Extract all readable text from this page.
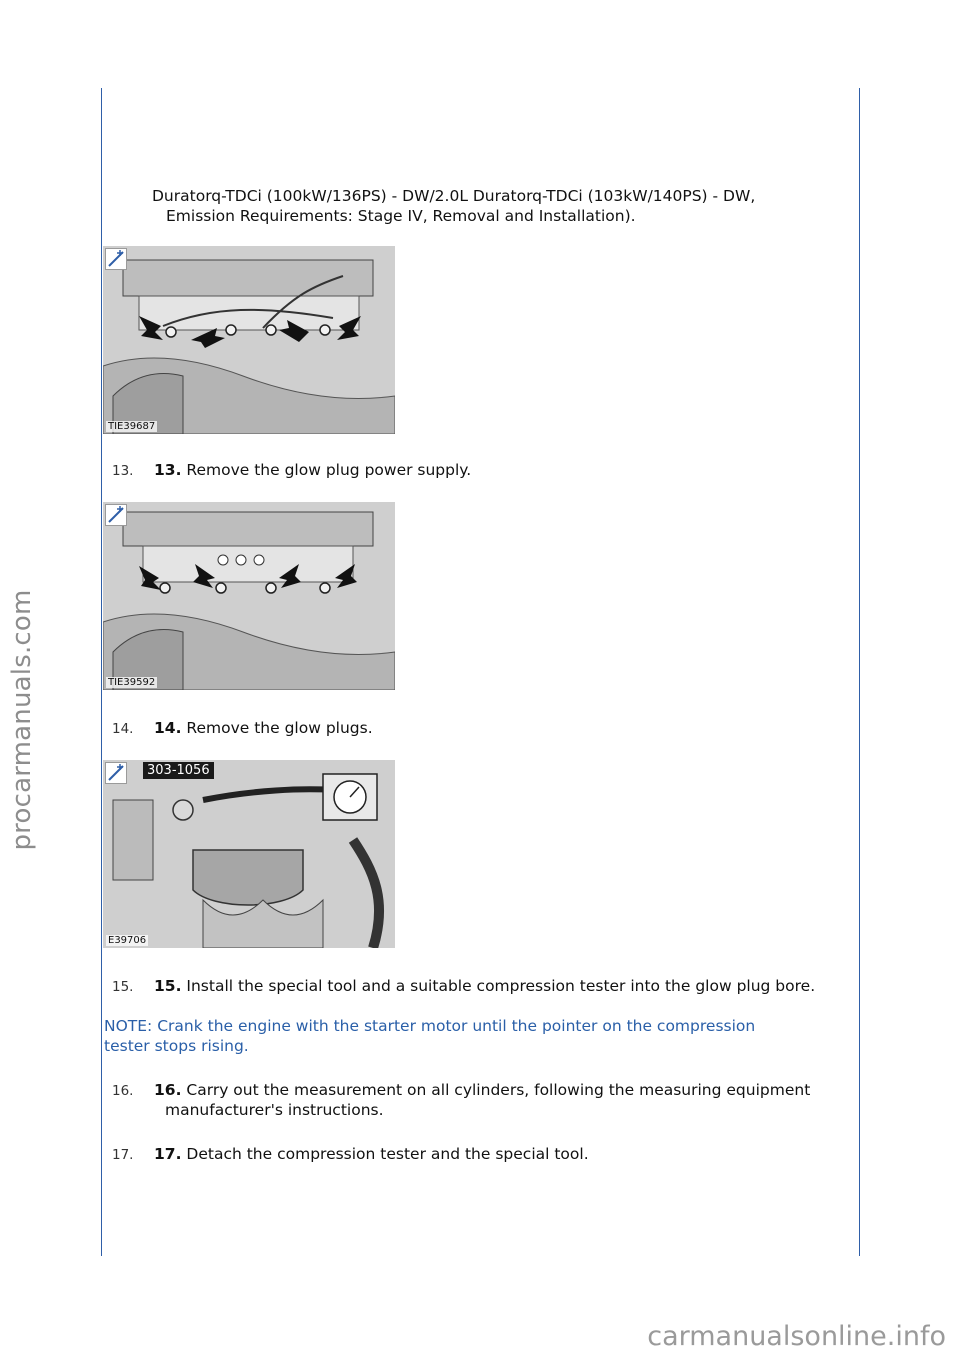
procarmanuals.com
carmanualsonline.info
Duratorq-TDCi (100kW/136PS) - DW/2.0L Duratorq-TDCi (103kW/140PS) - DW,
Emission Requirements: Stage IV, Removal and Installation).
TIE39687
13. 13. Remove the glow plug power supply.
TIE39592
14. 14. Remove the glow plugs.
303-1056
E39706
15. 15. Install the special tool and a suitable compression tester into the glow plug bore.
NOTE: Crank the engine with the starter motor until the pointer on the compression
tester stops rising.
16. 16. Carry out the measurement on all cylinders, following the measuring equipment
manufacturer's instructions.
17. 17. Detach the compression tester and the special tool.
